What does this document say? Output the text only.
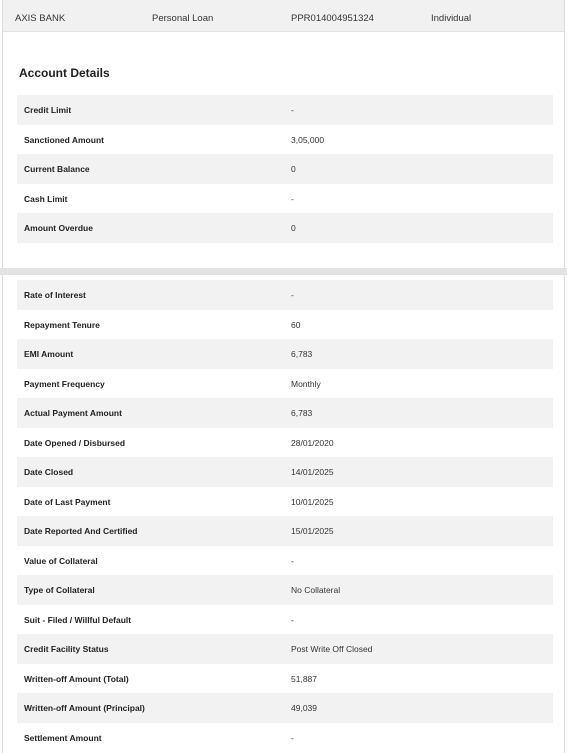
AXIS BANK	Personal Loan	PPR014004951324	Individual
Account Details
Credit Limit	-
Sanctioned Amount	3,05,000
Current Balance	0
Cash Limit	-
Amount Overdue	0
Rate of Interest	-
Repayment Tenure	60
EMI Amount	6,783
Payment Frequency	Monthly
Actual Payment Amount	6,783
Date Opened / Disbursed	28/01/2020
Date Closed	14/01/2025
Date of Last Payment	10/01/2025
Date Reported And Certified	15/01/2025
Value of Collateral	-
Type of Collateral	No Collateral
Suit - Filed / Willful Default	-
Credit Facility Status	Post Write Off Closed
Written-off Amount (Total)	51,887
Written-off Amount (Principal)	49,039
Settlement Amount	-
